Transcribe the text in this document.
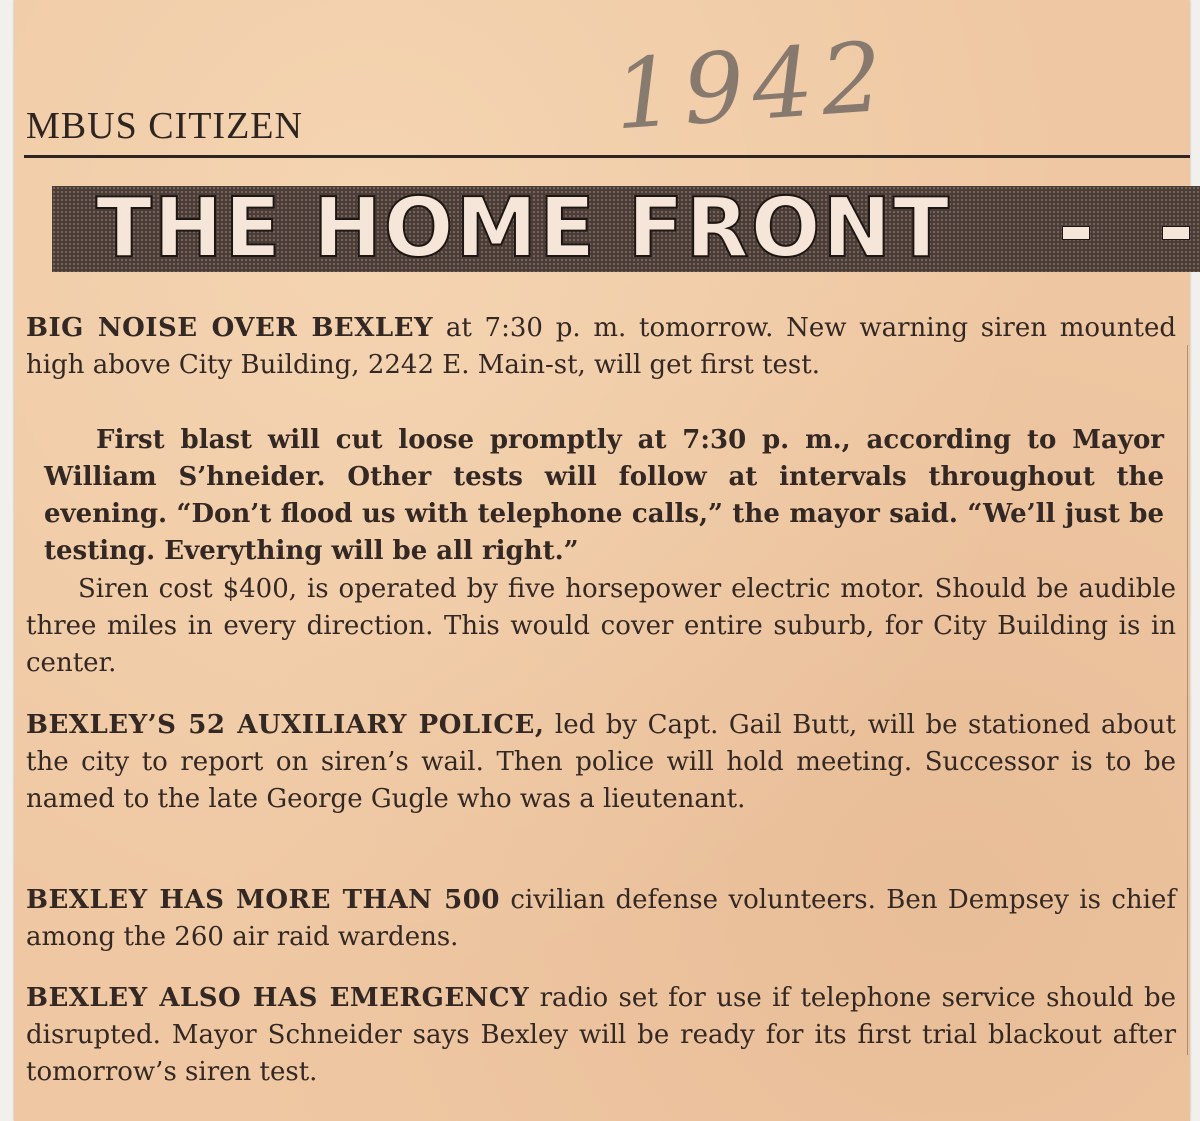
MBUS CITIZEN	1942
THE HOME FRONT

BIG NOISE OVER BEXLEY at 7:30 p. m. tomorrow. New warning siren mounted high above City Building, 2242 E. Main-st, will get first test.

First blast will cut loose promptly at 7:30 p. m., according to Mayor William S’hneider. Other tests will follow at intervals throughout the evening. “Don’t flood us with telephone calls,” the mayor said. “We’ll just be testing. Everything will be all right.”

Siren cost $400, is operated by five horsepower electric motor. Should be audible three miles in every direction. This would cover entire suburb, for City Building is in center.

BEXLEY’S 52 AUXILIARY POLICE, led by Capt. Gail Butt, will be stationed about the city to report on siren’s wail. Then police will hold meeting. Successor is to be named to the late George Gugle who was a lieutenant.

BEXLEY HAS MORE THAN 500 civilian defense volunteers. Ben Dempsey is chief among the 260 air raid wardens.

BEXLEY ALSO HAS EMERGENCY radio set for use if telephone service should be disrupted. Mayor Schneider says Bexley will be ready for its first trial blackout after tomorrow’s siren test.
